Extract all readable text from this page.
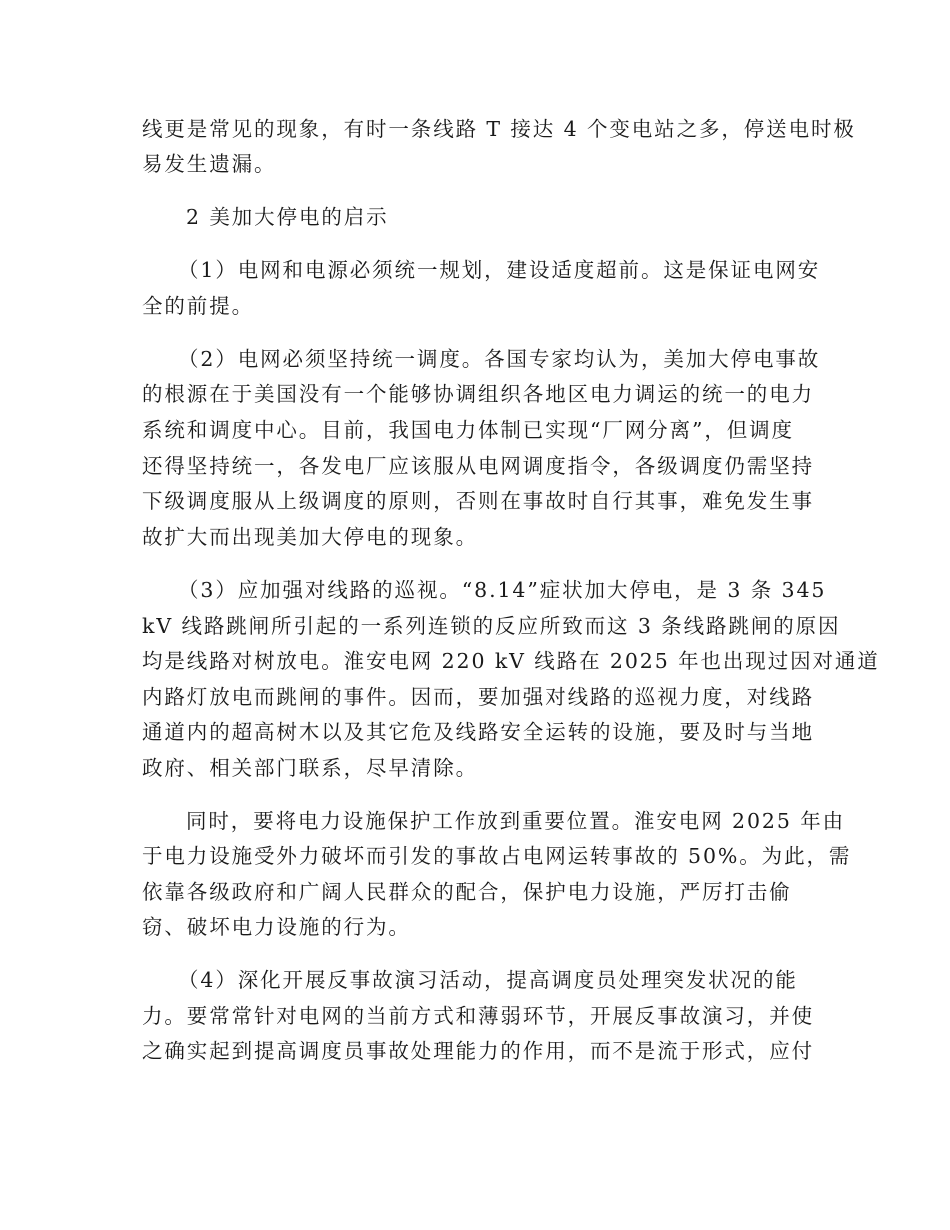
线更是常见的现象，有时一条线路 T 接达 4 个变电站之多，停送电时极
易发生遗漏。
2 美加大停电的启示
（1）电网和电源必须统一规划，建设适度超前。这是保证电网安
全的前提。
（2）电网必须坚持统一调度。各国专家均认为，美加大停电事故
的根源在于美国没有一个能够协调组织各地区电力调运的统一的电力
系统和调度中心。目前，我国电力体制已实现“厂网分离”，但调度
还得坚持统一，各发电厂应该服从电网调度指令，各级调度仍需坚持
下级调度服从上级调度的原则，否则在事故时自行其事，难免发生事
故扩大而出现美加大停电的现象。
（3）应加强对线路的巡视。“8.14”症状加大停电，是 3 条 345
kV 线路跳闸所引起的一系列连锁的反应所致而这 3 条线路跳闸的原因
均是线路对树放电。淮安电网 220 kV 线路在 2025 年也出现过因对通道
内路灯放电而跳闸的事件。因而，要加强对线路的巡视力度，对线路
通道内的超高树木以及其它危及线路安全运转的设施，要及时与当地
政府、相关部门联系，尽早清除。
同时，要将电力设施保护工作放到重要位置。淮安电网 2025 年由
于电力设施受外力破坏而引发的事故占电网运转事故的 50%。为此，需
依靠各级政府和广阔人民群众的配合，保护电力设施，严厉打击偷
窃、破坏电力设施的行为。
（4）深化开展反事故演习活动，提高调度员处理突发状况的能
力。要常常针对电网的当前方式和薄弱环节，开展反事故演习，并使
之确实起到提高调度员事故处理能力的作用，而不是流于形式，应付
